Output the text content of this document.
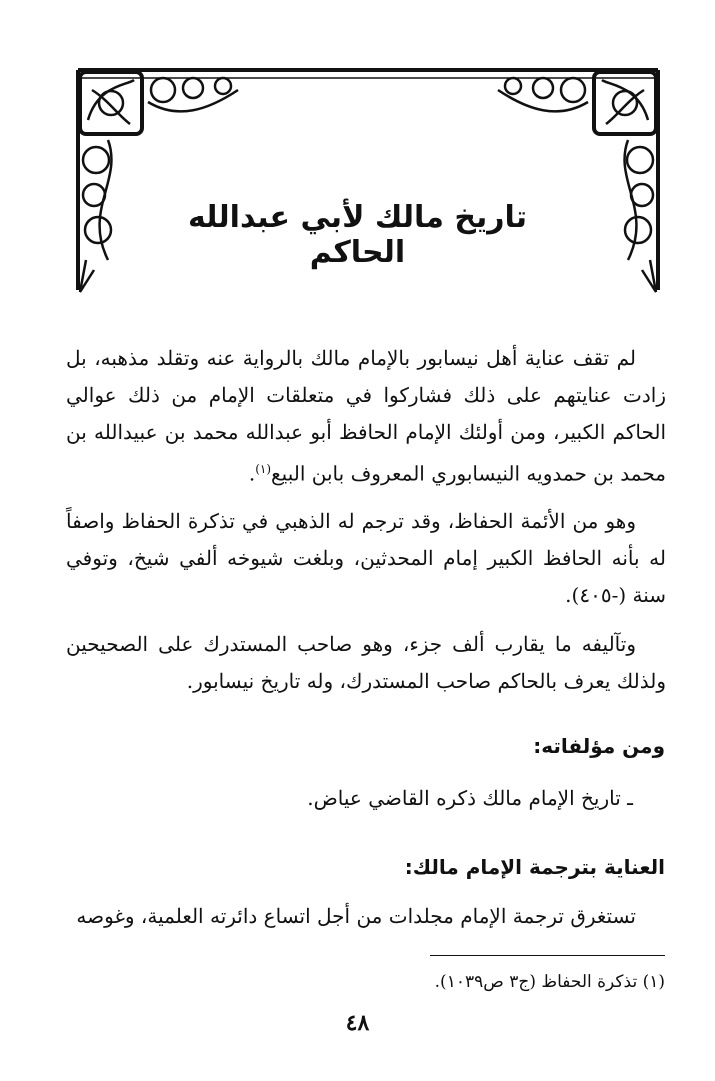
تاريخ مالك لأبي عبدالله الحاكم

لم تقف عناية أهل نيسابور بالإمام مالك بالرواية عنه وتقلد مذهبه، بل زادت عنايتهم على ذلك فشاركوا في متعلقات الإمام من ذلك عوالي الحاكم الكبير، ومن أولئك الإمام الحافظ أبو عبدالله محمد بن عبيدالله بن محمد بن حمدويه النيسابوري المعروف بابن البيع$^{(١)}$.

وهو من الأئمة الحفاظ، وقد ترجم له الذهبي في تذكرة الحفاظ واصفاً له بأنه الحافظ الكبير إمام المحدثين، وبلغت شيوخه ألفي شيخ، وتوفي سنة (-٤٠٥).

وتآليفه ما يقارب ألف جزء، وهو صاحب المستدرك على الصحيحين ولذلك يعرف بالحاكم صاحب المستدرك، وله تاريخ نيسابور.

ومن مؤلفاته:
ـ تاريخ الإمام مالك ذكره القاضي عياض.
العناية بترجمة الإمام مالك:

تستغرق ترجمة الإمام مجلدات من أجل اتساع دائرته العلمية، وغوصه

(١) تذكرة الحفاظ (ج٣ ص١٠٣٩).
٤٨
